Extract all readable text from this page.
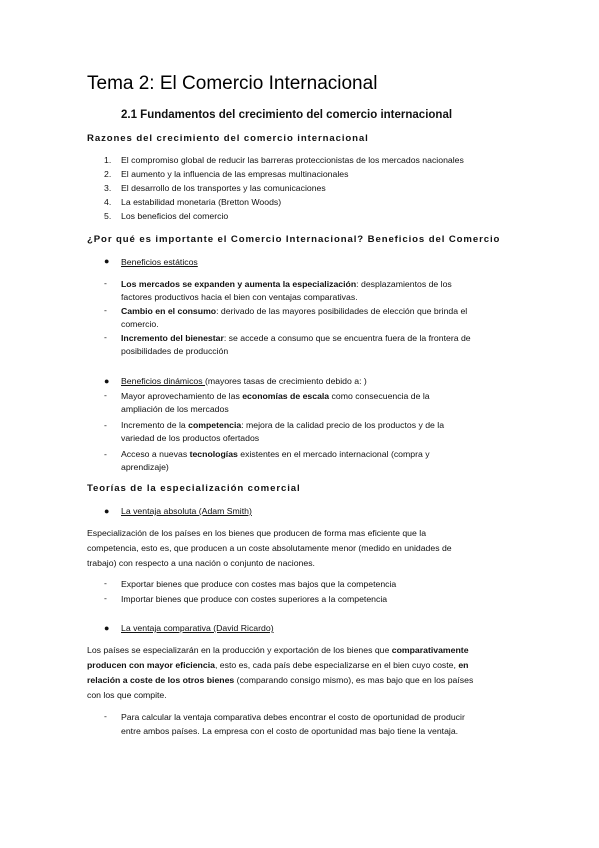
Tema 2: El Comercio Internacional
2.1 Fundamentos del crecimiento del comercio internacional
Razones del crecimiento del comercio internacional
1. El compromiso global de reducir las barreras proteccionistas de los mercados nacionales
2. El aumento y la influencia de las empresas multinacionales
3. El desarrollo de los transportes y las comunicaciones
4. La estabilidad monetaria (Bretton Woods)
5. Los beneficios del comercio
¿Por qué es importante el Comercio Internacional? Beneficios del Comercio
● Beneficios estáticos
- Los mercados se expanden y aumenta la especialización: desplazamientos de los
factores productivos hacia el bien con ventajas comparativas.
- Cambio en el consumo: derivado de las mayores posibilidades de elección que brinda el
comercio.
- Incremento del bienestar: se accede a consumo que se encuentra fuera de la frontera de
posibilidades de producción
● Beneficios dinámicos (mayores tasas de crecimiento debido a: )
- Mayor aprovechamiento de las economías de escala como consecuencia de la
ampliación de los mercados
- Incremento de la competencia: mejora de la calidad precio de los productos y de la
variedad de los productos ofertados
- Acceso a nuevas tecnologías existentes en el mercado internacional (compra y
aprendizaje)
Teorías de la especialización comercial
● La ventaja absoluta (Adam Smith)
Especialización de los países en los bienes que producen de forma mas eficiente que la
competencia, esto es, que producen a un coste absolutamente menor (medido en unidades de
trabajo) con respecto a una nación o conjunto de naciones.
- Exportar bienes que produce con costes mas bajos que la competencia
- Importar bienes que produce con costes superiores a la competencia
● La ventaja comparativa (David Ricardo)
Los países se especializarán en la producción y exportación de los bienes que comparativamente
producen con mayor eficiencia, esto es, cada país debe especializarse en el bien cuyo coste, en
relación a coste de los otros bienes (comparando consigo mismo), es mas bajo que en los países
con los que compite.
- Para calcular la ventaja comparativa debes encontrar el costo de oportunidad de producir
entre ambos países. La empresa con el costo de oportunidad mas bajo tiene la ventaja.
